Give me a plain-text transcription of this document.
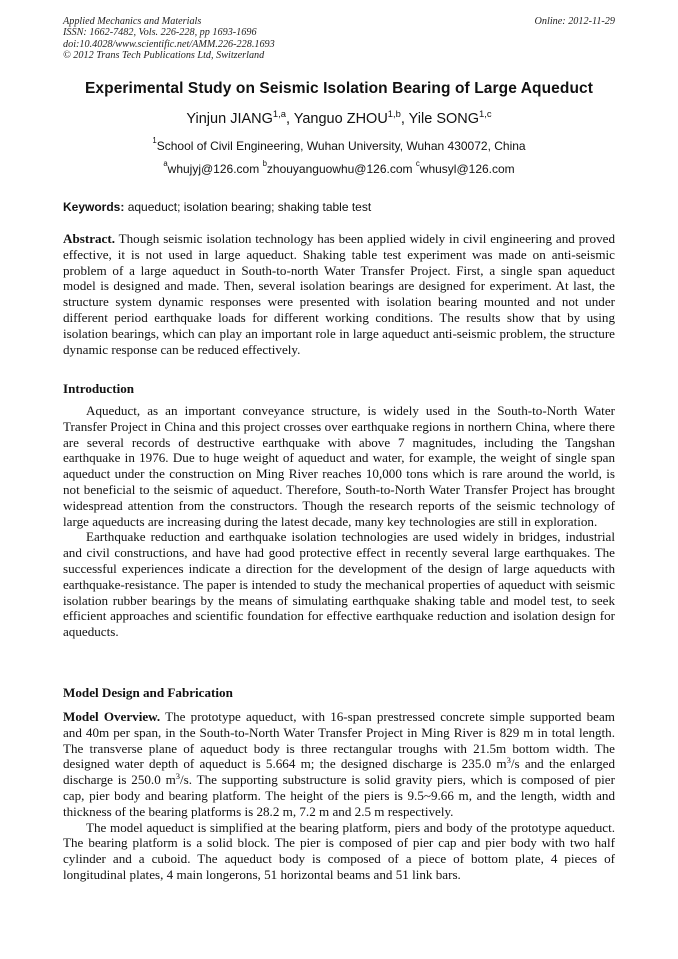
Applied Mechanics and Materials
ISSN: 1662-7482, Vols. 226-228, pp 1693-1696
doi:10.4028/www.scientific.net/AMM.226-228.1693
© 2012 Trans Tech Publications Ltd, Switzerland
Online: 2012-11-29
Experimental Study on Seismic Isolation Bearing of Large Aqueduct
Yinjun JIANG$^{1,a}$, Yanguo ZHOU$^{1,b}$, Yile SONG$^{1,c}$
$^1$School of Civil Engineering, Wuhan University, Wuhan 430072, China
$^a$whujyj@126.com $^b$zhouyanguowhu@126.com $^c$whusyl@126.com
Keywords: aqueduct; isolation bearing; shaking table test

Abstract. Though seismic isolation technology has been applied widely in civil engineering and proved effective, it is not used in large aqueduct. Shaking table test experiment was made on anti-seismic problem of a large aqueduct in South-to-north Water Transfer Project. First, a single span aqueduct model is designed and made. Then, several isolation bearings are designed for experiment. At last, the structure system dynamic responses were presented with isolation bearing mounted and not under different period earthquake loads for different working conditions. The results show that by using isolation bearings, which can play an important role in large aqueduct anti-seismic problem, the structure dynamic response can be reduced effectively.

Introduction

Aqueduct, as an important conveyance structure, is widely used in the South-to-North Water Transfer Project in China and this project crosses over earthquake regions in northern China, where there are several records of destructive earthquake with above 7 magnitudes, including the Tangshan earthquake in 1976. Due to huge weight of aqueduct and water, for example, the weight of single span aqueduct under the construction on Ming River reaches 10,000 tons which is rare around the world, is not beneficial to the seismic of aqueduct. Therefore, South-to-North Water Transfer Project has brought widespread attention from the constructors. Though the research reports of the seismic technology of large aqueducts are increasing during the latest decade, many key technologies are still in exploration.

Earthquake reduction and earthquake isolation technologies are used widely in bridges, industrial and civil constructions, and have had good protective effect in recently several large earthquakes. The successful experiences indicate a direction for the development of the design of large aqueducts with earthquake-resistance. The paper is intended to study the mechanical properties of aqueduct with seismic isolation rubber bearings by the means of simulating earthquake shaking table and model test, to seek efficient approaches and scientific foundation for effective earthquake reduction and isolation design for aqueducts.

Model Design and Fabrication

Model Overview. The prototype aqueduct, with 16-span prestressed concrete simple supported beam and 40m per span, in the South-to-North Water Transfer Project in Ming River is 829 m in total length. The transverse plane of aqueduct body is three rectangular troughs with 21.5m bottom width. The designed water depth of aqueduct is 5.664 m; the designed discharge is 235.0 $m^3/s$ and the enlarged discharge is 250.0 $m^3/s$. The supporting substructure is solid gravity piers, which is composed of pier cap, pier body and bearing platform. The height of the piers is 9.5~9.66 m, and the length, width and thickness of the bearing platforms is 28.2 m, 7.2 m and 2.5 m respectively.

The model aqueduct is simplified at the bearing platform, piers and body of the prototype aqueduct. The bearing platform is a solid block. The pier is composed of pier cap and pier body with two half cylinder and a cuboid. The aqueduct body is composed of a piece of bottom plate, 4 pieces of longitudinal plates, 4 main longerons, 51 horizontal beams and 51 link bars.
